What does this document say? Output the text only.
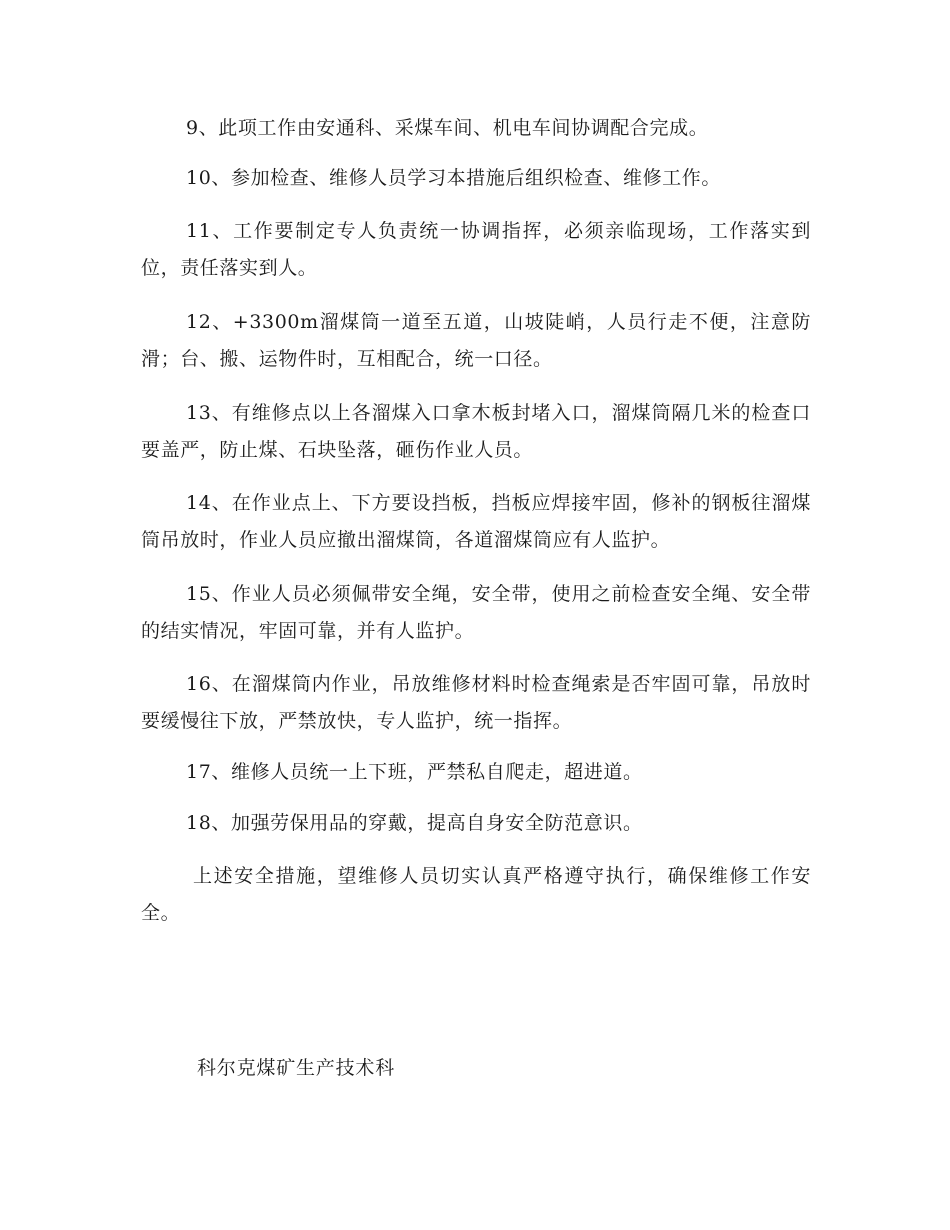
9、此项工作由安通科、采煤车间、机电车间协调配合完成。

10、参加检查、维修人员学习本措施后组织检查、维修工作。

11、工作要制定专人负责统一协调指挥，必须亲临现场，工作落实到位，责任落实到人。

12、+3300m溜煤筒一道至五道，山坡陡峭，人员行走不便，注意防滑；台、搬、运物件时，互相配合，统一口径。

13、有维修点以上各溜煤入口拿木板封堵入口，溜煤筒隔几米的检查口要盖严，防止煤、石块坠落，砸伤作业人员。

14、在作业点上、下方要设挡板，挡板应焊接牢固，修补的钢板往溜煤筒吊放时，作业人员应撤出溜煤筒，各道溜煤筒应有人监护。

15、作业人员必须佩带安全绳，安全带，使用之前检查安全绳、安全带的结实情况，牢固可靠，并有人监护。

16、在溜煤筒内作业，吊放维修材料时检查绳索是否牢固可靠，吊放时要缓慢往下放，严禁放快，专人监护，统一指挥。

17、维修人员统一上下班，严禁私自爬走，超进道。

18、加强劳保用品的穿戴，提高自身安全防范意识。

上述安全措施，望维修人员切实认真严格遵守执行，确保维修工作安全。

科尔克煤矿生产技术科
